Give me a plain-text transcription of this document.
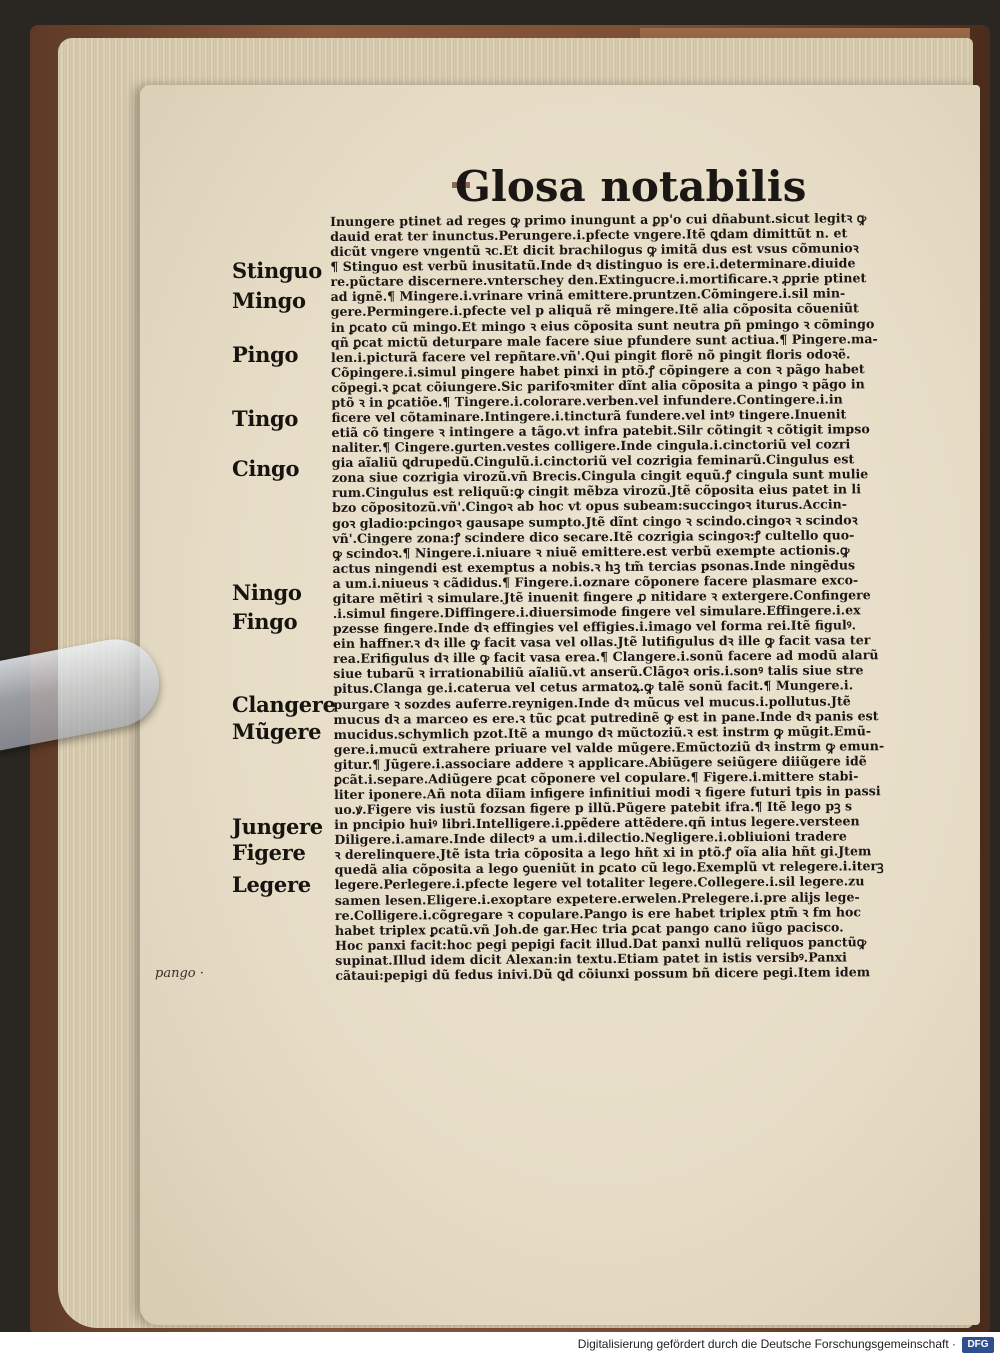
Glosa notabilis
Stinguo
Mingo
Pingo
Tingo
Cingo
Ningo
Fingo
Clangere
Mũgere
Jungere
Figere
Legere
pango ·
Inungere ptinet ad reges ꝙ primo inungunt a ꝑp'o cui dñabunt.sicut legitꝛ ꝙ
dauid erat ter inunctus.Perungere.i.pfecte vngere.Itẽ ꝗdam dimittũt n. et
dicũt vngere vngentũ ꝛc.Et dicit brachilogus ꝙ imitã dus est vsus cõmunioꝛ
¶ Stinguo est verbũ inusitatũ.Inde dꝛ distinguo is ere.i.determinare.diuide
re.pũctare discernere.vnterschey den.Extingucre.i.mortificare.ꝛ ꝓprie ptinet
ad ignẽ.¶ Mingere.i.vrinare vrinã emittere.pruntzen.Cõmingere.i.sil min‑
gere.Permingere.i.pfecte vel p aliquã rẽ mingere.Itẽ alia cõposita cõueniũt
in ꝑcato cũ mingo.Et mingo ꝛ eius cõposita sunt neutra ꝑñ pmingo ꝛ cõmingo
qñ ꝑcat mictũ deturpare male facere siue pfundere sunt actiua.¶ Pingere.ma‑
len.i.picturã facere vel repñtare.vñ'.Qui pingit florẽ nõ pingit floris odoꝛẽ.
Cõpingere.i.simul pingere habet pinxi in ptõ.ꝭ cõpingere a con ꝛ pãgo habet
cõpegi.ꝛ ꝑcat cõiungere.Sic parifoꝛmiter dĩnt alia cõposita a pingo ꝛ pãgo in
ptõ ꝛ in ꝑcatiõe.¶ Tingere.i.colorare.verben.vel infundere.Contingere.i.in
ficere vel cõtaminare.Intingere.i.tincturã fundere.vel intꝰ tingere.Inuenit
etiã cõ tingere ꝛ intingere a tãgo.vt infra patebit.Silr cõtingit ꝛ cõtigit impso
naliter.¶ Cingere.gurten.vestes colligere.Inde cingula.i.cinctoriũ vel cozri
gia aĩaliũ ꝗdrupedũ.Cingulũ.i.cinctoriũ vel cozrigia feminarũ.Cingulus est
zona siue cozrigia virozũ.vñ Brecis.Cingula cingit equũ.ꝭ cingula sunt mulie
rum.Cingulus est reliquũ:ꝙ cingit mẽbza virozũ.Jtẽ cõposita eius patet in li
bzo cõpositozũ.vñ'.Cingoꝛ ab hoc vt opus subeam:succingoꝛ iturus.Accin‑
goꝛ gladio:pcingoꝛ gausape sumpto.Jtẽ dĩnt cingo ꝛ scindo.cingoꝛ ꝛ scindoꝛ
vñ'.Cingere zona:ꝭ scindere dico secare.Itẽ cozrigia scingoꝛ:ꝭ cultello quo‑
ꝙ scindoꝛ.¶ Ningere.i.niuare ꝛ niuẽ emittere.est verbũ exempte actionis.ꝙ
actus ningendi est exemptus a nobis.ꝛ hꝫ tm̃ tercias psonas.Inde ningẽdus
a um.i.niueus ꝛ cãdidus.¶ Fingere.i.oznare cõponere facere plasmare exco‑
gitare mẽtiri ꝛ simulare.Jtẽ inuenit fingere ꝓ nitidare ꝛ extergere.Confingere
.i.simul fingere.Diffingere.i.diuersimode fingere vel simulare.Effingere.i.ex
pzesse fingere.Inde dꝛ effingies vel effigies.i.imago vel forma rei.Itẽ figulꝰ.
ein haffner.ꝛ dꝛ ille ꝙ facit vasa vel ollas.Jtẽ lutifigulus dꝛ ille ꝙ facit vasa ter
rea.Erifigulus dꝛ ille ꝙ facit vasa erea.¶ Clangere.i.sonũ facere ad modũ alarũ
siue tubarũ ꝛ irrationabiliũ aĩaliũ.vt anserũ.Clãgoꝛ oris.i.sonꝰ talis siue stre
pitus.Clanga ge.i.caterua vel cetus armatoꝝ.ꝙ talẽ sonũ facit.¶ Mungere.i.
purgare ꝛ sozdes auferre.reynigen.Inde dꝛ mũcus vel mucus.i.pollutus.Jtẽ
mucus dꝛ a marceo es ere.ꝛ tũc ꝑcat putredinẽ ꝙ est in pane.Inde dꝛ panis est
mucidus.schymlich pzot.Itẽ a mungo dꝛ mũctoziũ.ꝛ est instrm ꝙ mũgit.Emũ‑
gere.i.mucũ extrahere priuare vel valde mũgere.Emũctoziũ dꝛ instrm ꝙ emun‑
gitur.¶ Jũgere.i.associare addere ꝛ applicare.Abiũgere seiũgere diiũgere idẽ
ꝑcãt.i.separe.Adiũgere ꝑcat cõponere vel copulare.¶ Figere.i.mittere stabi‑
liter iponere.Añ nota dĩiam infigere infinitiui modi ꝛ figere futuri tpis in passi
uo.ꝟ.Figere vis iustũ fozsan figere p illũ.Pũgere patebit ifra.¶ Itẽ lego pꝫ s
in pncipio huiꝰ libri.Intelligere.i.ꝑpẽdere attẽdere.qñ intus legere.versteen
Diligere.i.amare.Inde dilectꝰ a um.i.dilectio.Negligere.i.obliuioni tradere
ꝛ derelinquere.Jtẽ ista tria cõposita a lego hñt xi in ptõ.ꝭ oĩa alia hñt gi.Jtem
quedã alia cõposita a lego ꝯueniũt in ꝑcato cũ lego.Exemplũ vt relegere.i.iterꝫ
legere.Perlegere.i.pfecte legere vel totaliter legere.Collegere.i.sil legere.zu
samen lesen.Eligere.i.exoptare expetere.erwelen.Prelegere.i.pre alijs lege‑
re.Colligere.i.cõgregare ꝛ copulare.Pango is ere habet triplex ptm̃ ꝛ fm hoc
habet triplex ꝑcatũ.vñ Joh.de gar.Hec tria ꝑcat pango cano iũgo pacisco.
Hoc panxi facit:hoc pegi pepigi facit illud.Dat panxi nullũ reliquos panctũꝙ
supinat.Illud idem dicit Alexan:in textu.Etiam patet in istis versibꝰ.Panxi
cãtaui:pepigi dũ fedus inivi.Dũ ꝗd cõiunxi possum bñ dicere pegi.Item idem
Digitalisierung gefördert durch die Deutsche Forschungsgemeinschaft ·	DFG
